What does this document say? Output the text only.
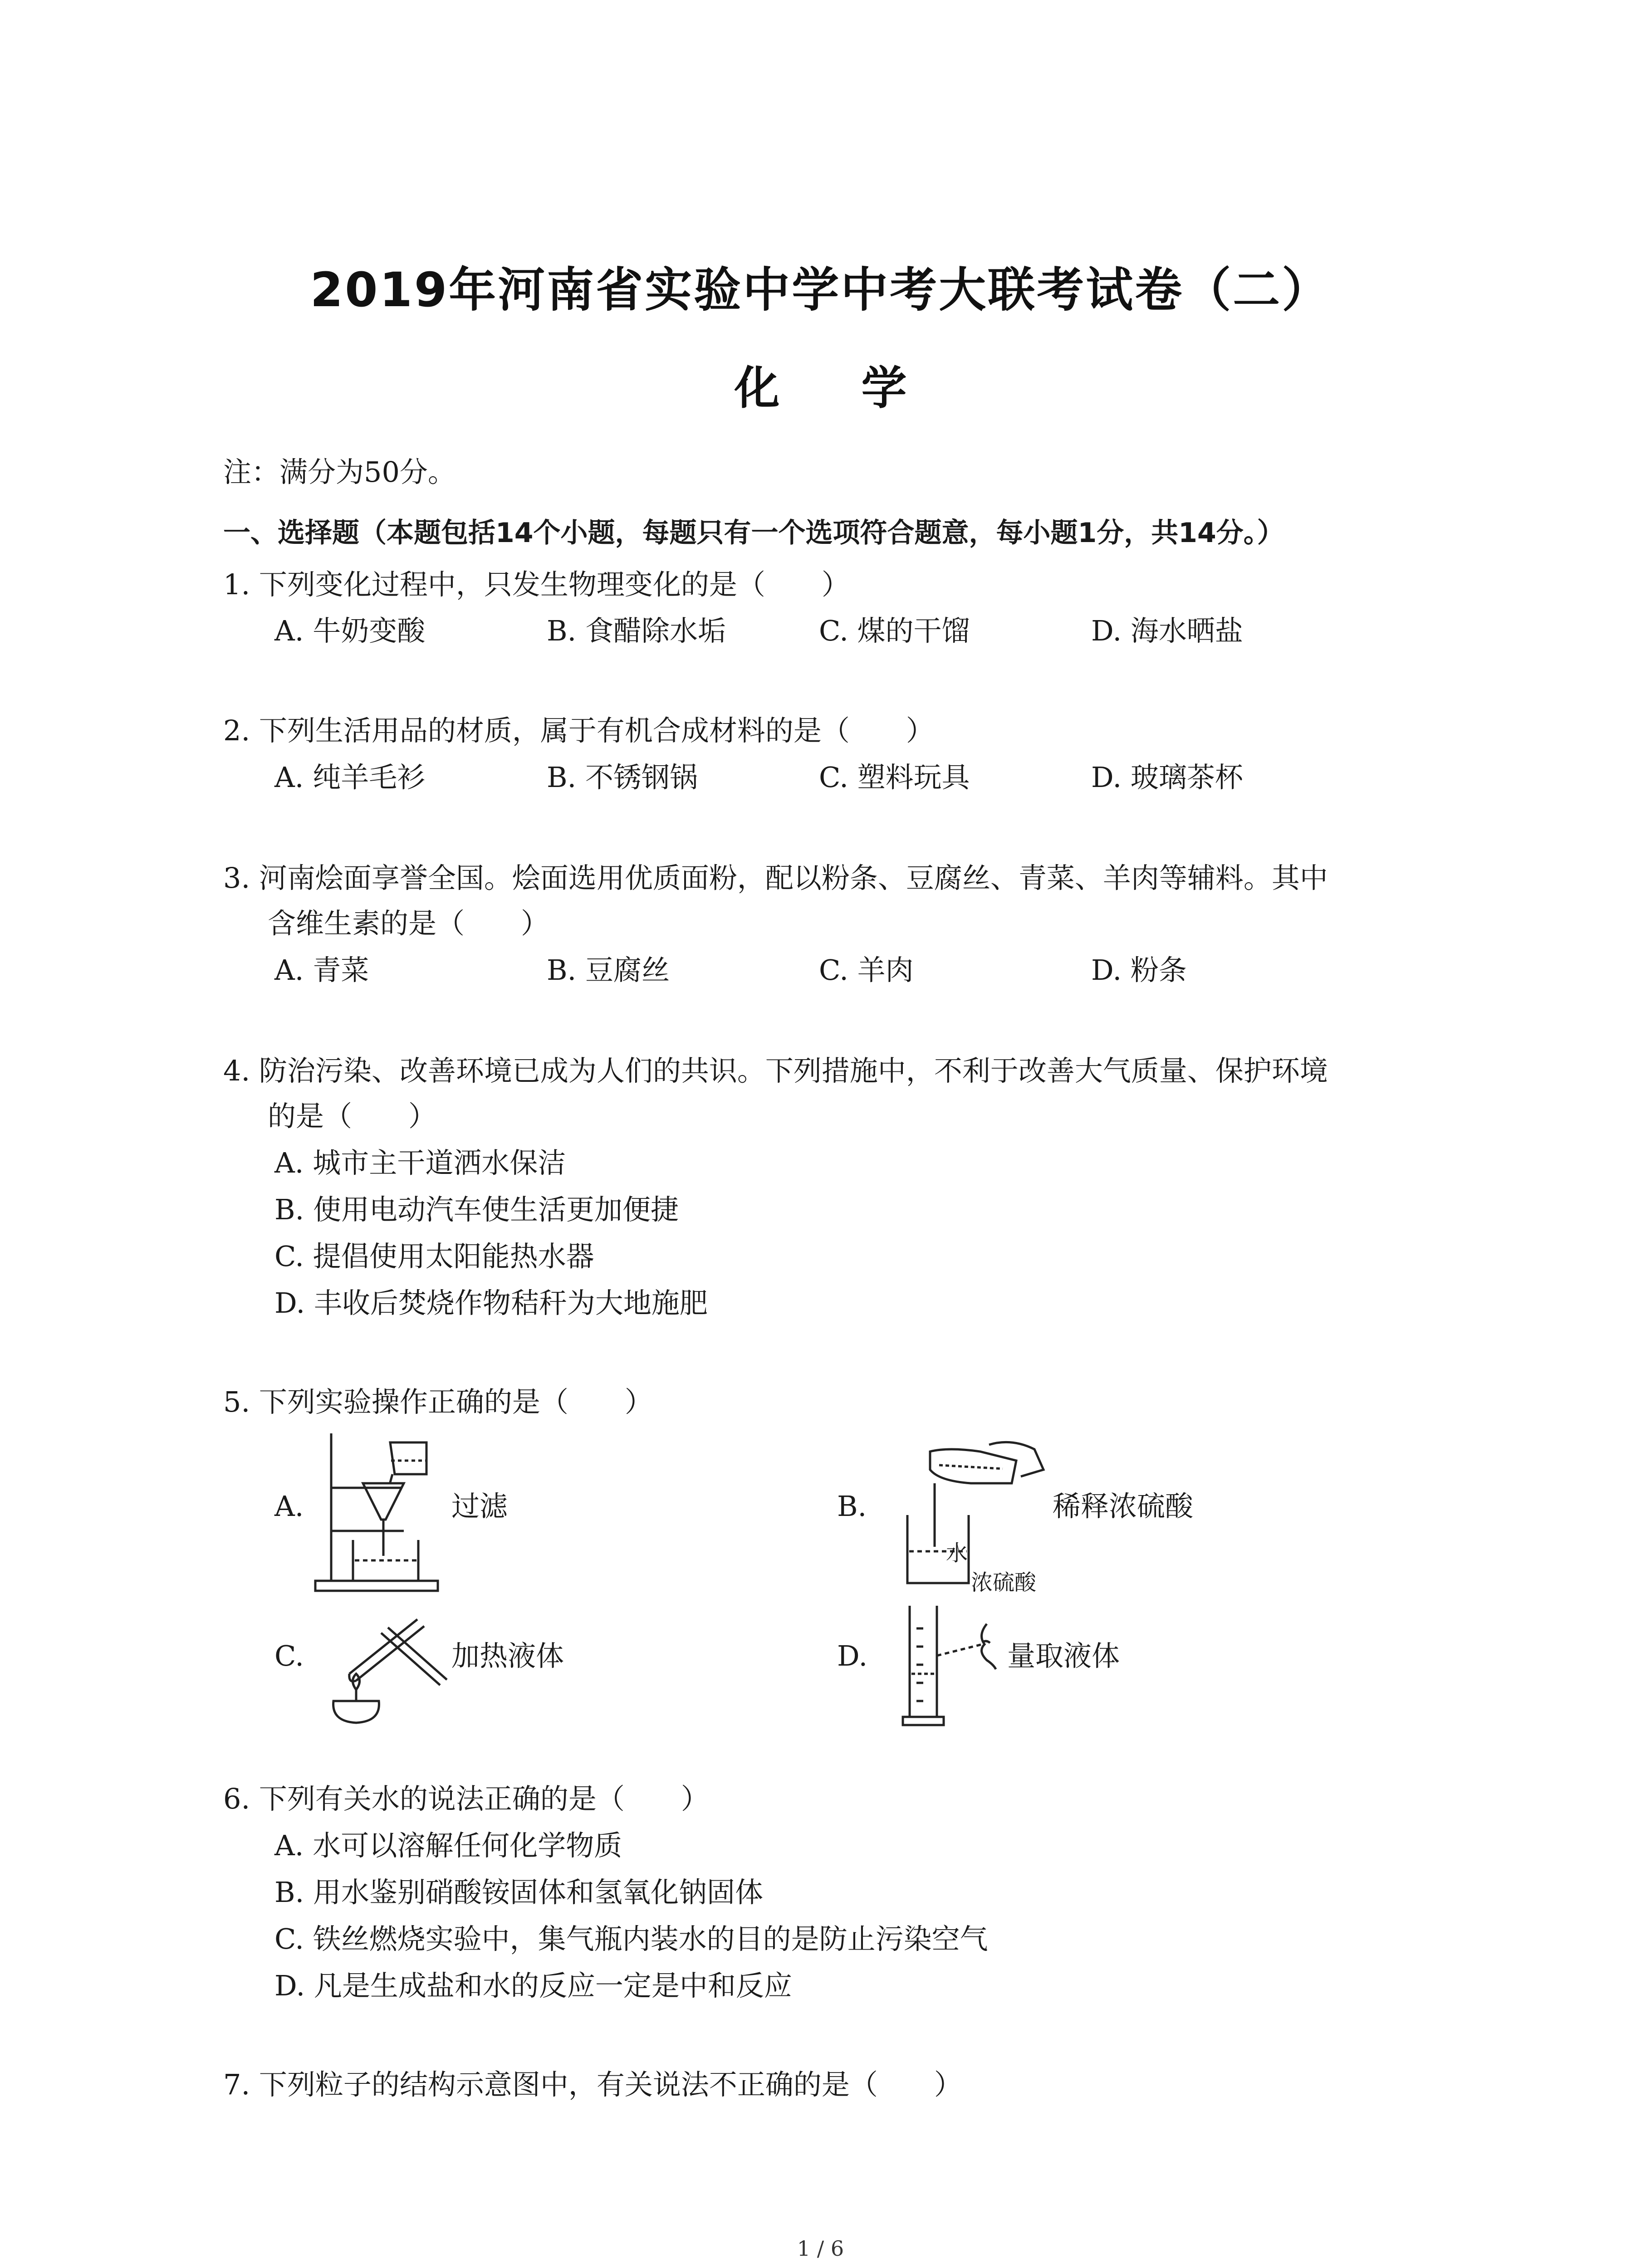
2019年河南省实验中学中考大联考试卷（二）
化 学
注：满分为50分。
一、选择题（本题包括14个小题，每题只有一个选项符合题意，每小题1分，共14分。）
1. 下列变化过程中，只发生物理变化的是（　　）
A. 牛奶变酸	B. 食醋除水垢	C. 煤的干馏	D. 海水晒盐
2. 下列生活用品的材质，属于有机合成材料的是（　　）
A. 纯羊毛衫	B. 不锈钢锅	C. 塑料玩具	D. 玻璃茶杯
3. 河南烩面享誉全国。烩面选用优质面粉，配以粉条、豆腐丝、青菜、羊肉等辅料。其中
含维生素的是（　　）
A. 青菜	B. 豆腐丝	C. 羊肉	D. 粉条
4. 防治污染、改善环境已成为人们的共识。下列措施中，不利于改善大气质量、保护环境
的是（　　）
A. 城市主干道洒水保洁
B. 使用电动汽车使生活更加便捷
C. 提倡使用太阳能热水器
D. 丰收后焚烧作物秸秆为大地施肥
5. 下列实验操作正确的是（　　）
A.	过滤	B.
水
浓硫酸
稀释浓硫酸
C.	加热液体	D.	量取液体
6. 下列有关水的说法正确的是（　　）
A. 水可以溶解任何化学物质
B. 用水鉴别硝酸铵固体和氢氧化钠固体
C. 铁丝燃烧实验中，集气瓶内装水的目的是防止污染空气
D. 凡是生成盐和水的反应一定是中和反应
7. 下列粒子的结构示意图中，有关说法不正确的是（　　）
1 / 6
